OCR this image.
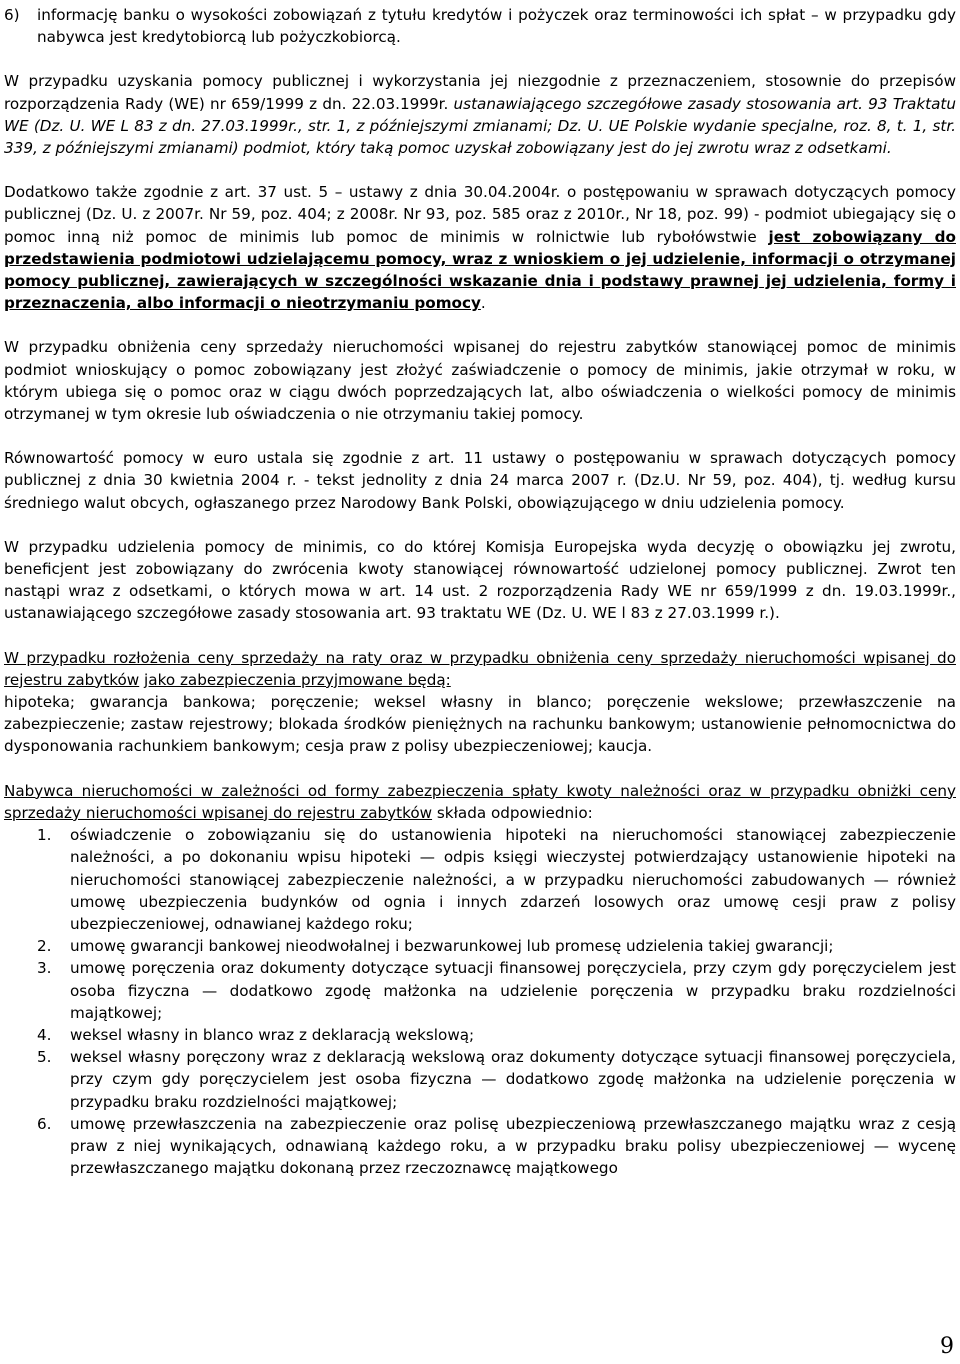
6)	informację banku o wysokości zobowiązań z tytułu kredytów i pożyczek oraz terminowości ich spłat – w przypadku gdy nabywca jest kredytobiorcą lub pożyczkobiorcą.

W przypadku uzyskania pomocy publicznej i wykorzystania jej niezgodnie z przeznaczeniem, stosownie do przepisów rozporządzenia Rady (WE) nr 659/1999 z dn. 22.03.1999r. ustanawiającego szczegółowe zasady stosowania art. 93 Traktatu WE (Dz. U. WE L 83 z dn. 27.03.1999r., str. 1, z późniejszymi zmianami; Dz. U. UE Polskie wydanie specjalne, roz. 8, t. 1, str. 339, z późniejszymi zmianami) podmiot, który taką pomoc uzyskał zobowiązany jest do jej zwrotu wraz z odsetkami.

Dodatkowo także zgodnie z art. 37 ust. 5 – ustawy z dnia 30.04.2004r. o postępowaniu w sprawach dotyczących pomocy publicznej (Dz. U. z 2007r. Nr 59, poz. 404; z 2008r. Nr 93, poz. 585 oraz z 2010r., Nr 18, poz. 99) - podmiot ubiegający się o pomoc inną niż pomoc de minimis lub pomoc de minimis w rolnictwie lub rybołówstwie jest zobowiązany do przedstawienia podmiotowi udzielającemu pomocy, wraz z wnioskiem o jej udzielenie, informacji o otrzymanej pomocy publicznej, zawierających w szczególności wskazanie dnia i podstawy prawnej jej udzielenia, formy i przeznaczenia, albo informacji o nieotrzymaniu pomocy.

W przypadku obniżenia ceny sprzedaży nieruchomości wpisanej do rejestru zabytków stanowiącej pomoc de minimis podmiot wnioskujący o pomoc zobowiązany jest złożyć zaświadczenie o pomocy de minimis, jakie otrzymał w roku, w którym ubiega się o pomoc oraz w ciągu dwóch poprzedzających lat, albo oświadczenia o wielkości pomocy de minimis otrzymanej w tym okresie lub oświadczenia o nie otrzymaniu takiej pomocy.

Równowartość pomocy w euro ustala się zgodnie z art. 11 ustawy o postępowaniu w sprawach dotyczących pomocy publicznej z dnia 30 kwietnia 2004 r. - tekst jednolity z dnia 24 marca 2007 r. (Dz.U. Nr 59, poz. 404), tj. według kursu średniego walut obcych, ogłaszanego przez Narodowy Bank Polski, obowiązującego w dniu udzielenia pomocy.

W przypadku udzielenia pomocy de minimis, co do której Komisja Europejska wyda decyzję o obowiązku jej zwrotu, beneficjent jest zobowiązany do zwrócenia kwoty stanowiącej równowartość udzielonej pomocy publicznej. Zwrot ten nastąpi wraz z odsetkami, o których mowa w art. 14 ust. 2 rozporządzenia Rady WE nr 659/1999 z dn. 19.03.1999r., ustanawiającego szczegółowe zasady stosowania art. 93 traktatu WE (Dz. U. WE l 83 z 27.03.1999 r.).

W przypadku rozłożenia ceny sprzedaży na raty oraz w przypadku obniżenia ceny sprzedaży nieruchomości wpisanej do rejestru zabytków jako zabezpieczenia przyjmowane będą:

hipoteka; gwarancja bankowa; poręczenie; weksel własny in blanco; poręczenie wekslowe; przewłaszczenie na zabezpieczenie; zastaw rejestrowy; blokada środków pieniężnych na rachunku bankowym; ustanowienie pełnomocnictwa do dysponowania rachunkiem bankowym; cesja praw z polisy ubezpieczeniowej; kaucja.

Nabywca nieruchomości w zależności od formy zabezpieczenia spłaty kwoty należności oraz w przypadku obniżki ceny sprzedaży nieruchomości wpisanej do rejestru zabytków składa odpowiednio:

1.	oświadczenie o zobowiązaniu się do ustanowienia hipoteki na nieruchomości stanowiącej zabezpieczenie należności, a po dokonaniu wpisu hipoteki — odpis księgi wieczystej potwierdzający ustanowienie hipoteki na nieruchomości stanowiącej zabezpieczenie należności, a w przypadku nieruchomości zabudowanych — również umowę ubezpieczenia budynków od ognia i innych zdarzeń losowych oraz umowę cesji praw z polisy ubezpieczeniowej, odnawianej każdego roku;
2.	umowę gwarancji bankowej nieodwołalnej i bezwarunkowej lub promesę udzielenia takiej gwarancji;
3.	umowę poręczenia oraz dokumenty dotyczące sytuacji finansowej poręczyciela, przy czym gdy poręczycielem jest osoba fizyczna — dodatkowo zgodę małżonka na udzielenie poręczenia w przypadku braku rozdzielności majątkowej;
4.	weksel własny in blanco wraz z deklaracją wekslową;
5.	weksel własny poręczony wraz z deklaracją wekslową oraz dokumenty dotyczące sytuacji finansowej poręczyciela, przy czym gdy poręczycielem jest osoba fizyczna — dodatkowo zgodę małżonka na udzielenie poręczenia w przypadku braku rozdzielności majątkowej;
6.	umowę przewłaszczenia na zabezpieczenie oraz polisę ubezpieczeniową przewłaszczanego majątku wraz z cesją praw z niej wynikających, odnawianą każdego roku, a w przypadku braku polisy ubezpieczeniowej — wycenę przewłaszczanego majątku dokonaną przez rzeczoznawcę majątkowego
9
